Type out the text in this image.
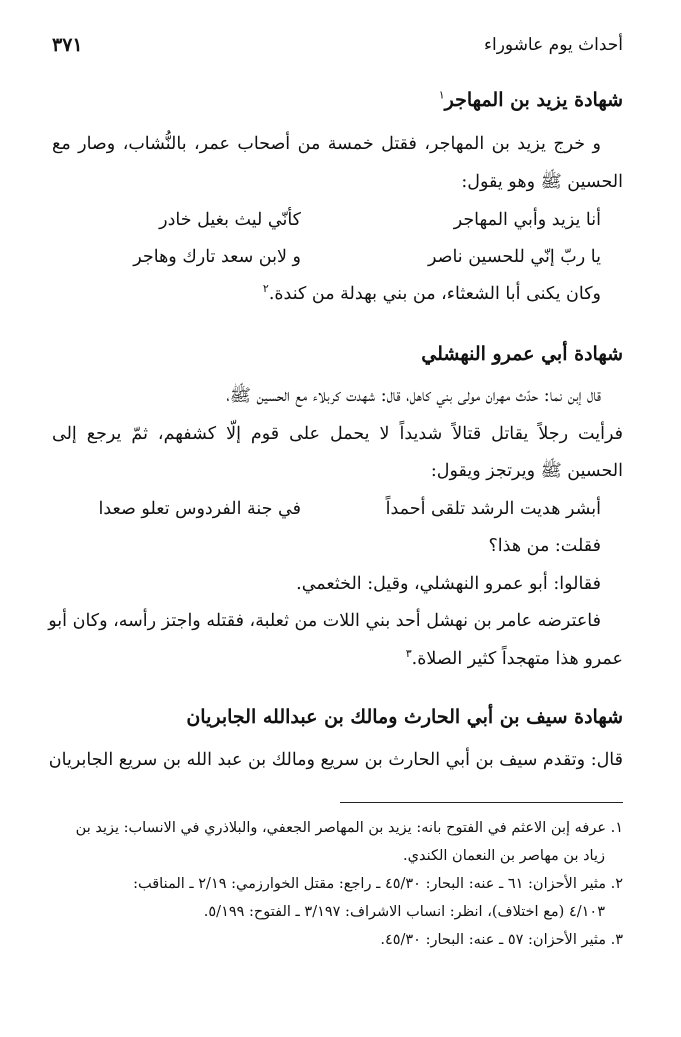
أحداث يوم عاشوراء
٣٧١
شهادة يزيد بن المهاجر$^١$
و خرج يزيد بن المهاجر، فقتل خمسة من أصحاب عمر، بالنُّشاب، وصار مع
الحسين ﷺ وهو يقول:
أنا يزيد وأبي المهاجر
كأنّي ليث بغيل خادر
يا ربّ إنّي للحسين ناصر
و لابن سعد تارك وهاجر
وكان يكنى أبا الشعثاء، من بني بهدلة من كندة.$^٢$
شهادة أبي عمرو النهشلي
قال إبن نما: حدّث مهران مولى بني كاهل، قال: شهدت كربلاء مع الحسين ﷺ،
فرأيت رجلاً يقاتل قتالاً شديداً لا يحمل على قوم إلّا كشفهم، ثمّ يرجع إلى
الحسين ﷺ ويرتجز ويقول:
أبشر هديت الرشد تلقى أحمداً
في جنة الفردوس تعلو صعدا
فقلت: من هذا؟
فقالوا: أبو عمرو النهشلي، وقيل: الخثعمي.
فاعترضه عامر بن نهشل أحد بني اللات من ثعلبة، فقتله واجتز رأسه، وكان أبو
عمرو هذا متهجداً كثير الصلاة.$^٣$
شهادة سيف بن أبي الحارث ومالك بن عبدالله الجابريان
قال: وتقدم سيف بن أبي الحارث بن سريع ومالك بن عبد الله بن سريع الجابريان
١. عرفه إبن الاعثم في الفتوح بانه: يزيد بن المهاصر الجعفي، والبلاذري في الانساب: يزيد بن
زياد بن مهاصر بن النعمان الكندي.
٢. مثير الأحزان: ٦١ ـ عنه: البحار: ٤٥/٣٠ ـ راجع: مقتل الخوارزمي: ٢/١٩ ـ المناقب:
٤/١٠٣ (مع اختلاف)، انظر: انساب الاشراف: ٣/١٩٧ ـ الفتوح: ٥/١٩٩.
٣. مثير الأحزان: ٥٧ ـ عنه: البحار: ٤٥/٣٠.
